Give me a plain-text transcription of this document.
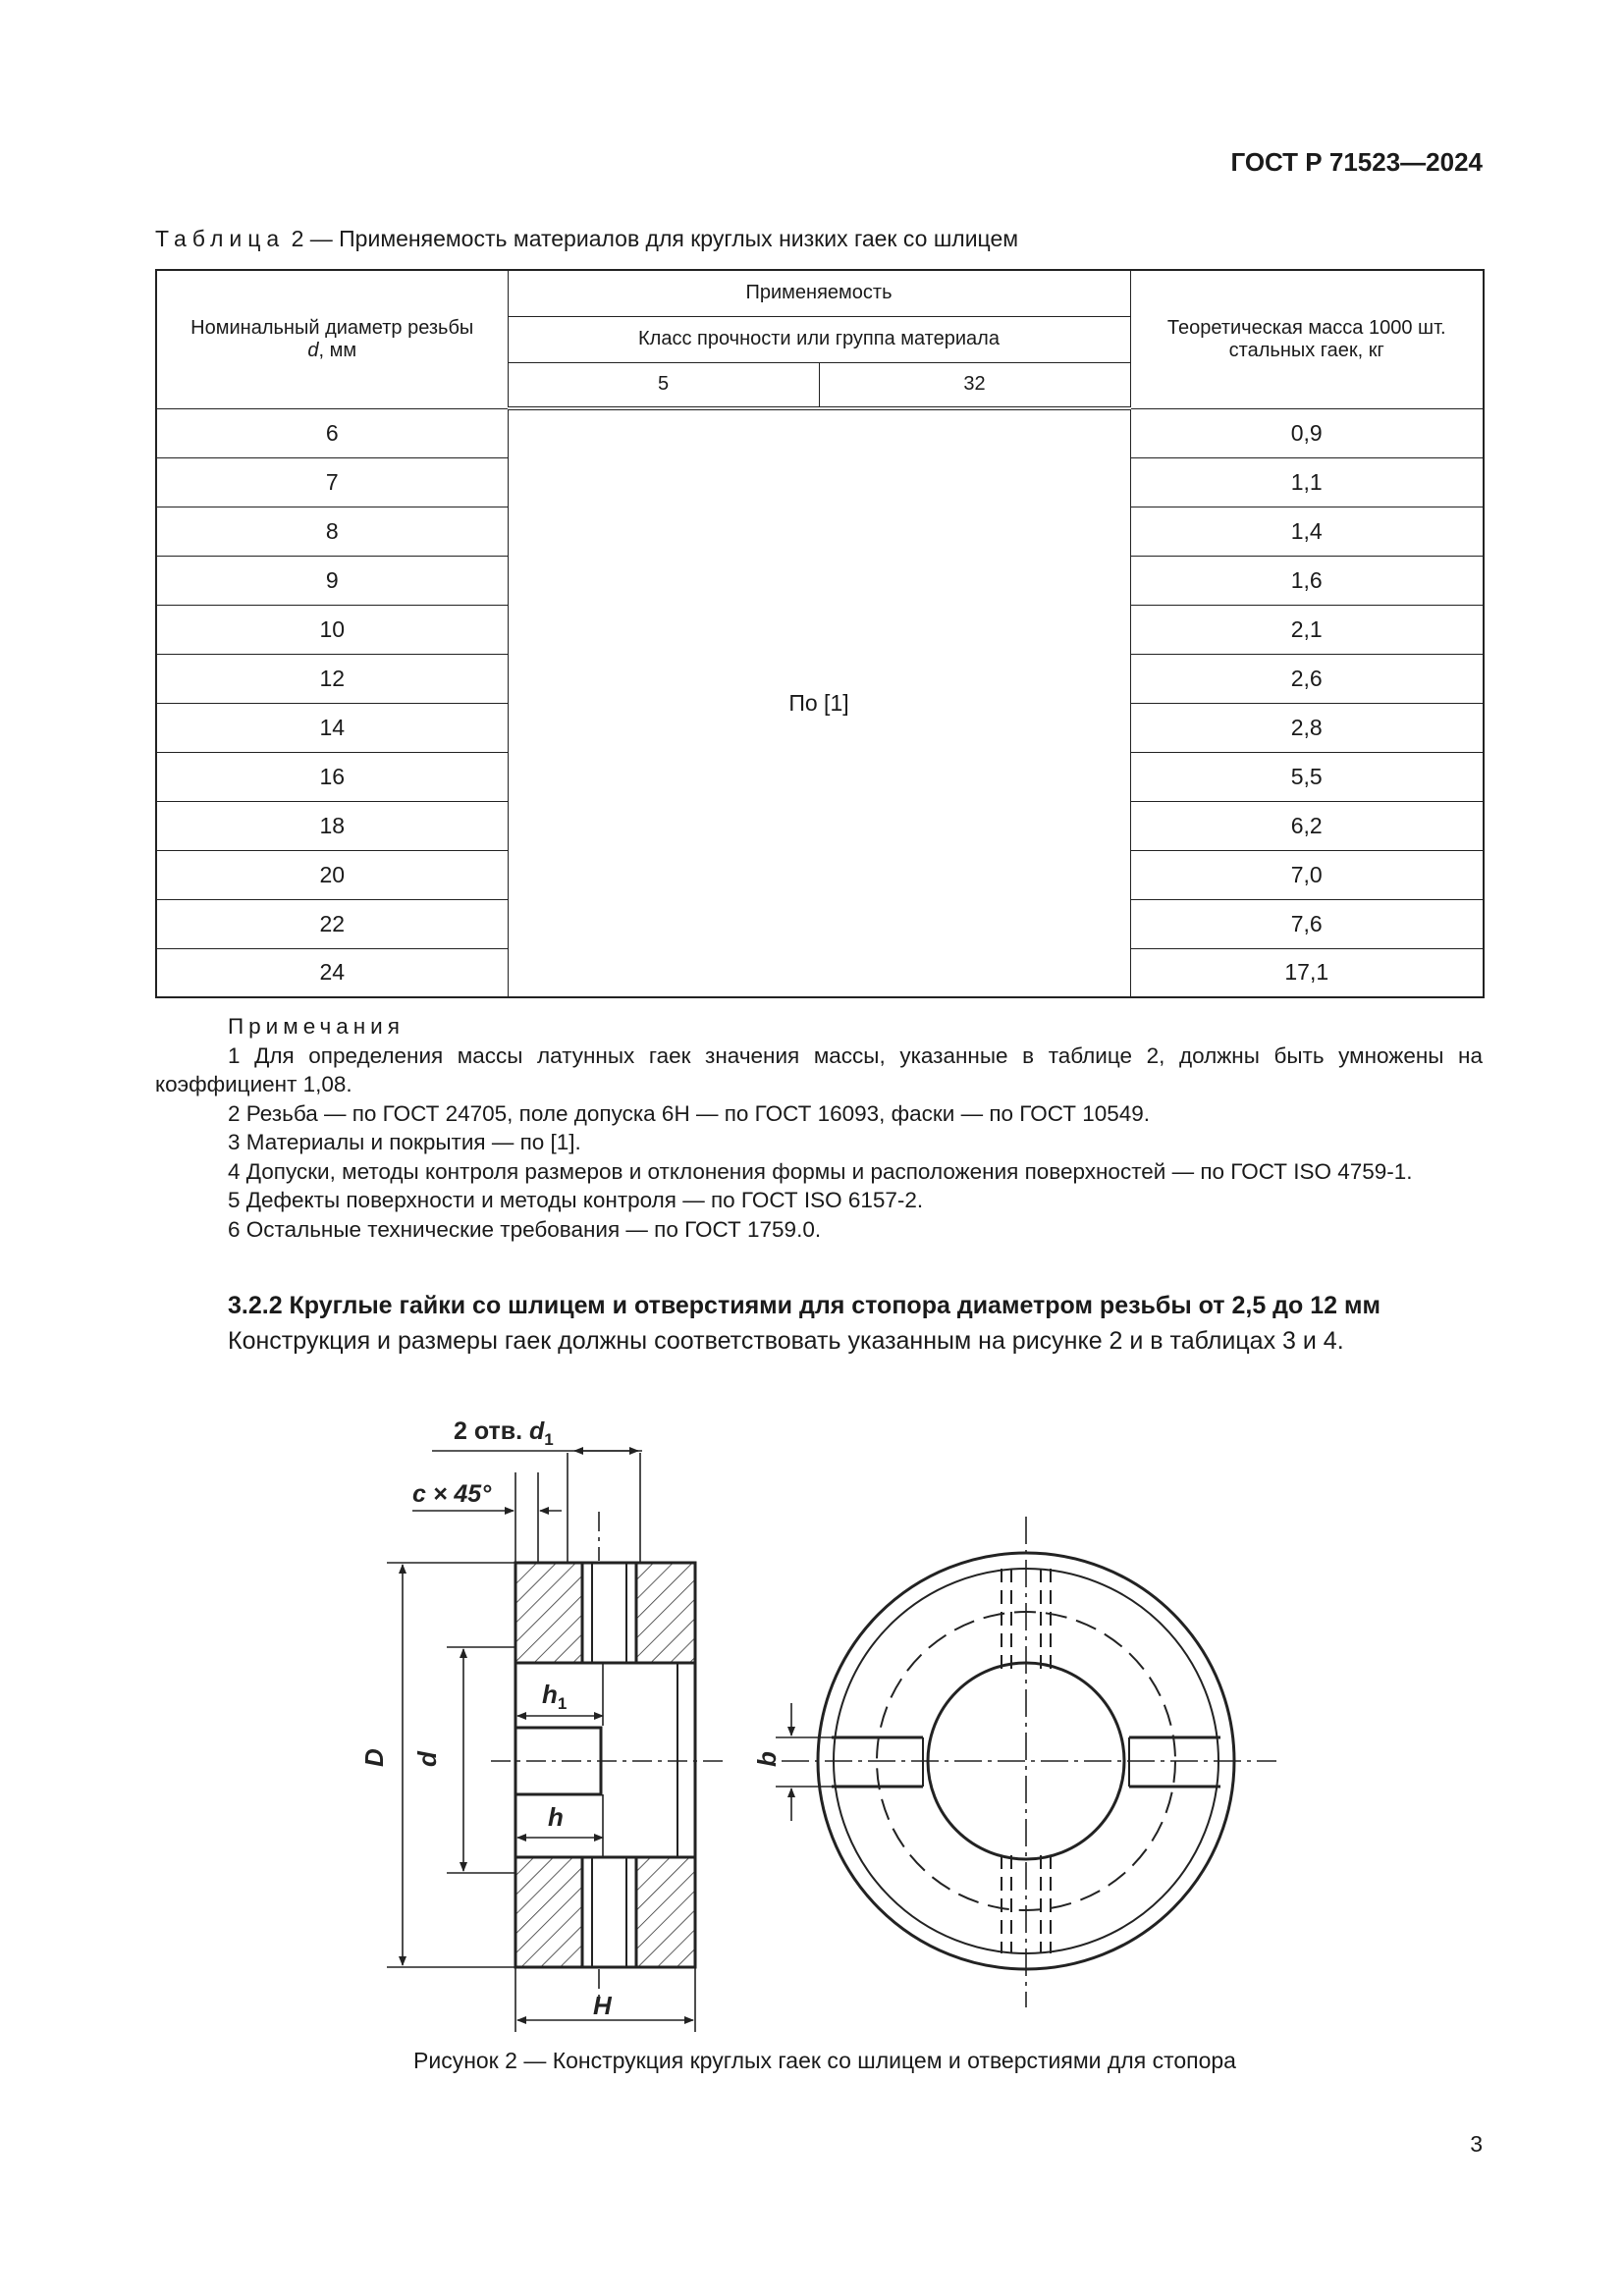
ГОСТ Р 71523—2024
Таблица 2 — Применяемость материалов для круглых низких гаек со шлицем
Номинальный диаметр резьбы
d, мм	Применяемость		Теоретическая масса 1000 шт. стальных гаек, кг
	Класс прочности или группа материала		
	5	32	
6	По [1]		0,9
7			1,1
8			1,4
9			1,6
10			2,1
12			2,6
14			2,8
16			5,5
18			6,2
20			7,0
22			7,6
24			17,1
Примечания

1 Для определения массы латунных гаек значения массы, указанные в таблице 2, должны быть умножены на коэффициент 1,08.

2 Резьба — по ГОСТ 24705, поле допуска 6H — по ГОСТ 16093, фаски — по ГОСТ 10549.

3 Материалы и покрытия — по [1].

4 Допуски, методы контроля размеров и отклонения формы и расположения поверхностей — по ГОСТ ISO 4759-1.

5 Дефекты поверхности и методы контроля — по ГОСТ ISO 6157-2.

6 Остальные технические требования — по ГОСТ 1759.0.

3.2.2 Круглые гайки со шлицем и отверстиями для стопора диаметром резьбы от 2,5 до 12 мм

Конструкция и размеры гаек должны соответствовать указанным на рисунке 2 и в таблицах 3 и 4.

2 отв. $d_1$
c × 45°
D d
$h_1$
h
H
b
Рисунок 2 — Конструкция круглых гаек со шлицем и отверстиями для стопора
3
